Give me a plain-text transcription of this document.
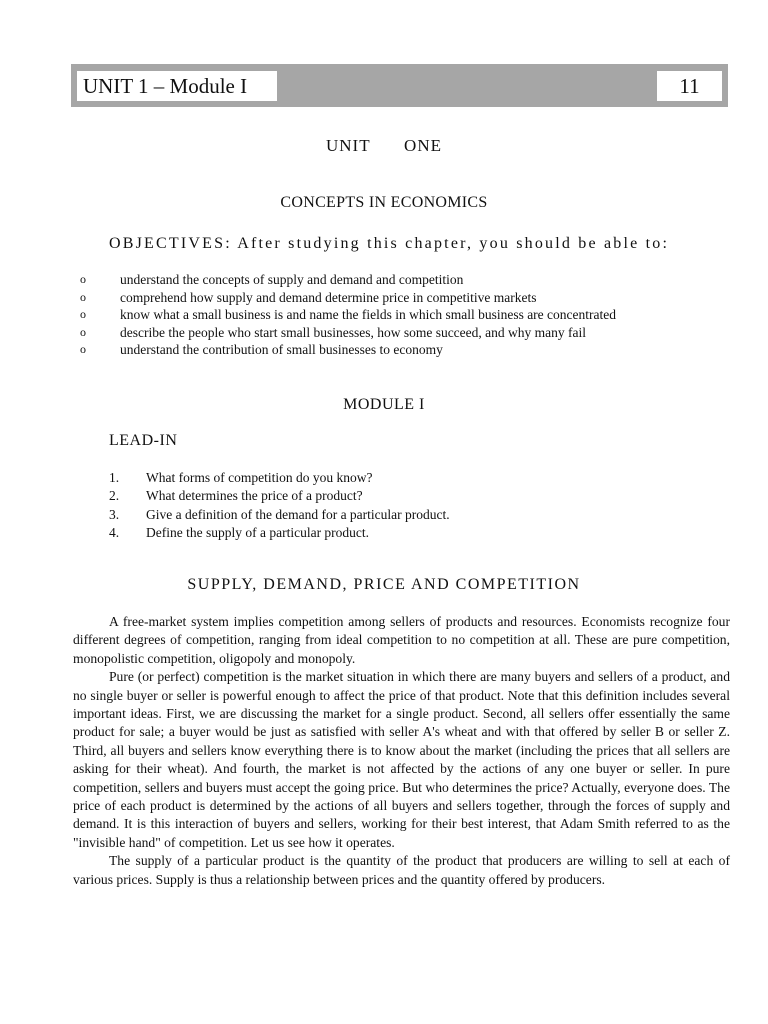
UNIT 1 – Module I	11
UNIT   ONE
CONCEPTS IN ECONOMICS
OBJECTIVES: After studying this chapter, you should be able to:
o	understand the concepts of supply and demand and competition
o	comprehend how supply and demand determine price in competitive markets
o	know what a small business is and name the fields in which small business are concentrated
o	describe the people who start small businesses, how some succeed, and why many fail
o	understand the contribution of small businesses to economy
MODULE I
LEAD-IN
1. What forms of competition do you know?
2. What determines the price of a product?
3. Give a definition of the demand for a particular product.
4. Define the supply of a particular product.
SUPPLY, DEMAND, PRICE AND COMPETITION

A free-market system implies competition among sellers of products and resources. Economists recognize four different degrees of competition, ranging from ideal competition to no competition at all. These are pure competition, monopolistic competition, oligopoly and monopoly.

Pure (or perfect) competition is the market situation in which there are many buyers and sellers of a product, and no single buyer or seller is powerful enough to affect the price of that product. Note that this definition includes several important ideas. First, we are discussing the market for a single product. Second, all sellers offer essentially the same product for sale; a buyer would be just as satisfied with seller A's wheat and with that offered by seller B or seller Z. Third, all buyers and sellers know everything there is to know about the market (including the prices that all sellers are asking for their wheat). And fourth, the market is not affected by the actions of any one buyer or seller. In pure competition, sellers and buyers must accept the going price. But who determines the price? Actually, everyone does. The price of each product is determined by the actions of all buyers and sellers together, through the forces of supply and demand. It is this interaction of buyers and sellers, working for their best interest, that Adam Smith referred to as the "invisible hand" of competition. Let us see how it operates.

The supply of a particular product is the quantity of the product that producers are willing to sell at each of various prices. Supply is thus a relationship between prices and the quantity offered by producers.
